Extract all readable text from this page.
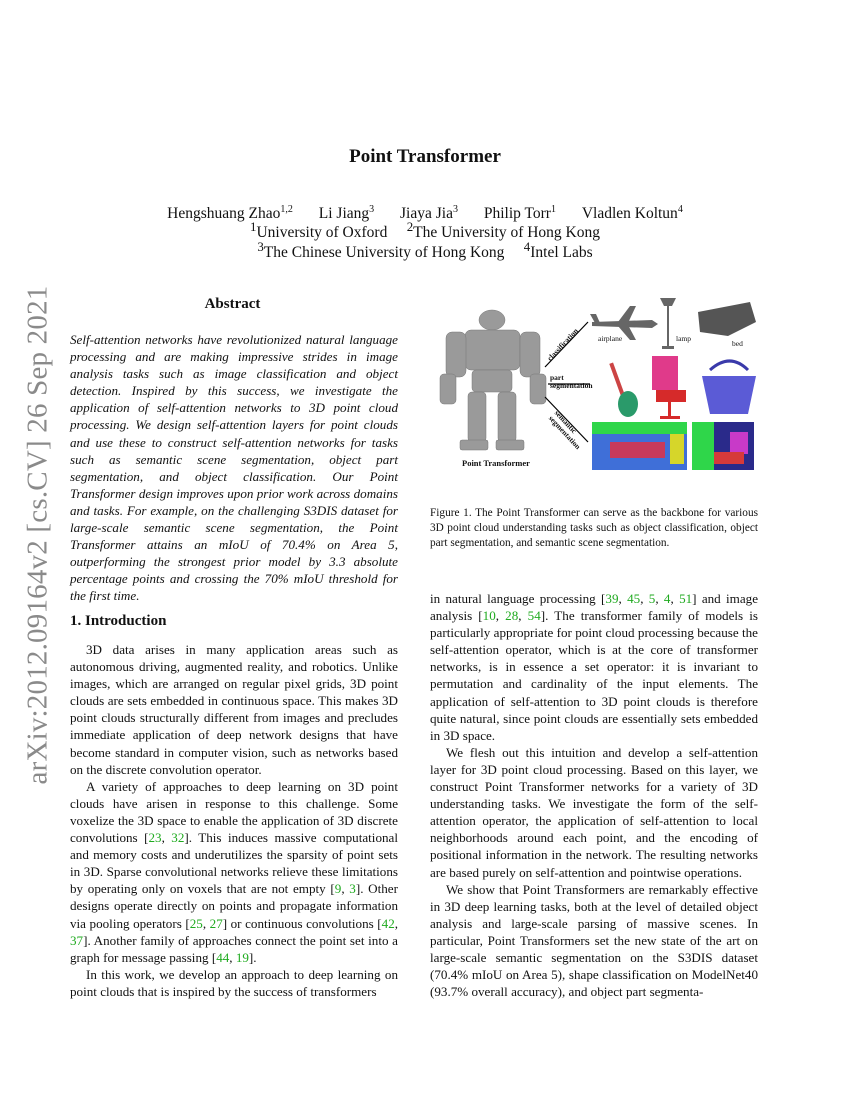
arXiv:2012.09164v2 [cs.CV] 26 Sep 2021
Point Transformer
Hengshuang Zhao$^{1,2}$ Li Jiang$^3$ Jiaya Jia$^3$ Philip Torr$^1$ Vladlen Koltun$^4$
$^1$University of Oxford $^2$The University of Hong Kong
$^3$The Chinese University of Hong Kong $^4$Intel Labs
Abstract
Self-attention networks have revolutionized natural language processing and are making impressive strides in image analysis tasks such as image classification and object detection. Inspired by this success, we investigate the application of self-attention networks to 3D point cloud processing. We design self-attention layers for point clouds and use these to construct self-attention networks for tasks such as semantic scene segmentation, object part segmentation, and object classification. Our Point Transformer design improves upon prior work across domains and tasks. For example, on the challenging S3DIS dataset for large-scale semantic scene segmentation, the Point Transformer attains an mIoU of 70.4% on Area 5, outperforming the strongest prior model by 3.3 absolute percentage points and crossing the 70% mIoU threshold for the first time.
Point Transformer
classification
part
segmentation
semantic
segmentation
airplane	lamp
bed
Figure 1. The Point Transformer can serve as the backbone for various 3D point cloud understanding tasks such as object classification, object part segmentation, and semantic scene segmentation.
1. Introduction

3D data arises in many application areas such as autonomous driving, augmented reality, and robotics. Unlike images, which are arranged on regular pixel grids, 3D point clouds are sets embedded in continuous space. This makes 3D point clouds structurally different from images and precludes immediate application of deep network designs that have become standard in computer vision, such as networks based on the discrete convolution operator.

A variety of approaches to deep learning on 3D point clouds have arisen in response to this challenge. Some voxelize the 3D space to enable the application of 3D discrete convolutions [23, 32]. This induces massive computational and memory costs and underutilizes the sparsity of point sets in 3D. Sparse convolutional networks relieve these limitations by operating only on voxels that are not empty [9, 3]. Other designs operate directly on points and propagate information via pooling operators [25, 27] or continuous convolutions [42, 37]. Another family of approaches connect the point set into a graph for message passing [44, 19].

In this work, we develop an approach to deep learning on point clouds that is inspired by the success of transformers

in natural language processing [39, 45, 5, 4, 51] and image analysis [10, 28, 54]. The transformer family of models is particularly appropriate for point cloud processing because the self-attention operator, which is at the core of transformer networks, is in essence a set operator: it is invariant to permutation and cardinality of the input elements. The application of self-attention to 3D point clouds is therefore quite natural, since point clouds are essentially sets embedded in 3D space.

We flesh out this intuition and develop a self-attention layer for 3D point cloud processing. Based on this layer, we construct Point Transformer networks for a variety of 3D understanding tasks. We investigate the form of the self-attention operator, the application of self-attention to local neighborhoods around each point, and the encoding of positional information in the network. The resulting networks are based purely on self-attention and pointwise operations.

We show that Point Transformers are remarkably effective in 3D deep learning tasks, both at the level of detailed object analysis and large-scale parsing of massive scenes. In particular, Point Transformers set the new state of the art on large-scale semantic segmentation on the S3DIS dataset (70.4% mIoU on Area 5), shape classification on ModelNet40 (93.7% overall accuracy), and object part segmenta-
